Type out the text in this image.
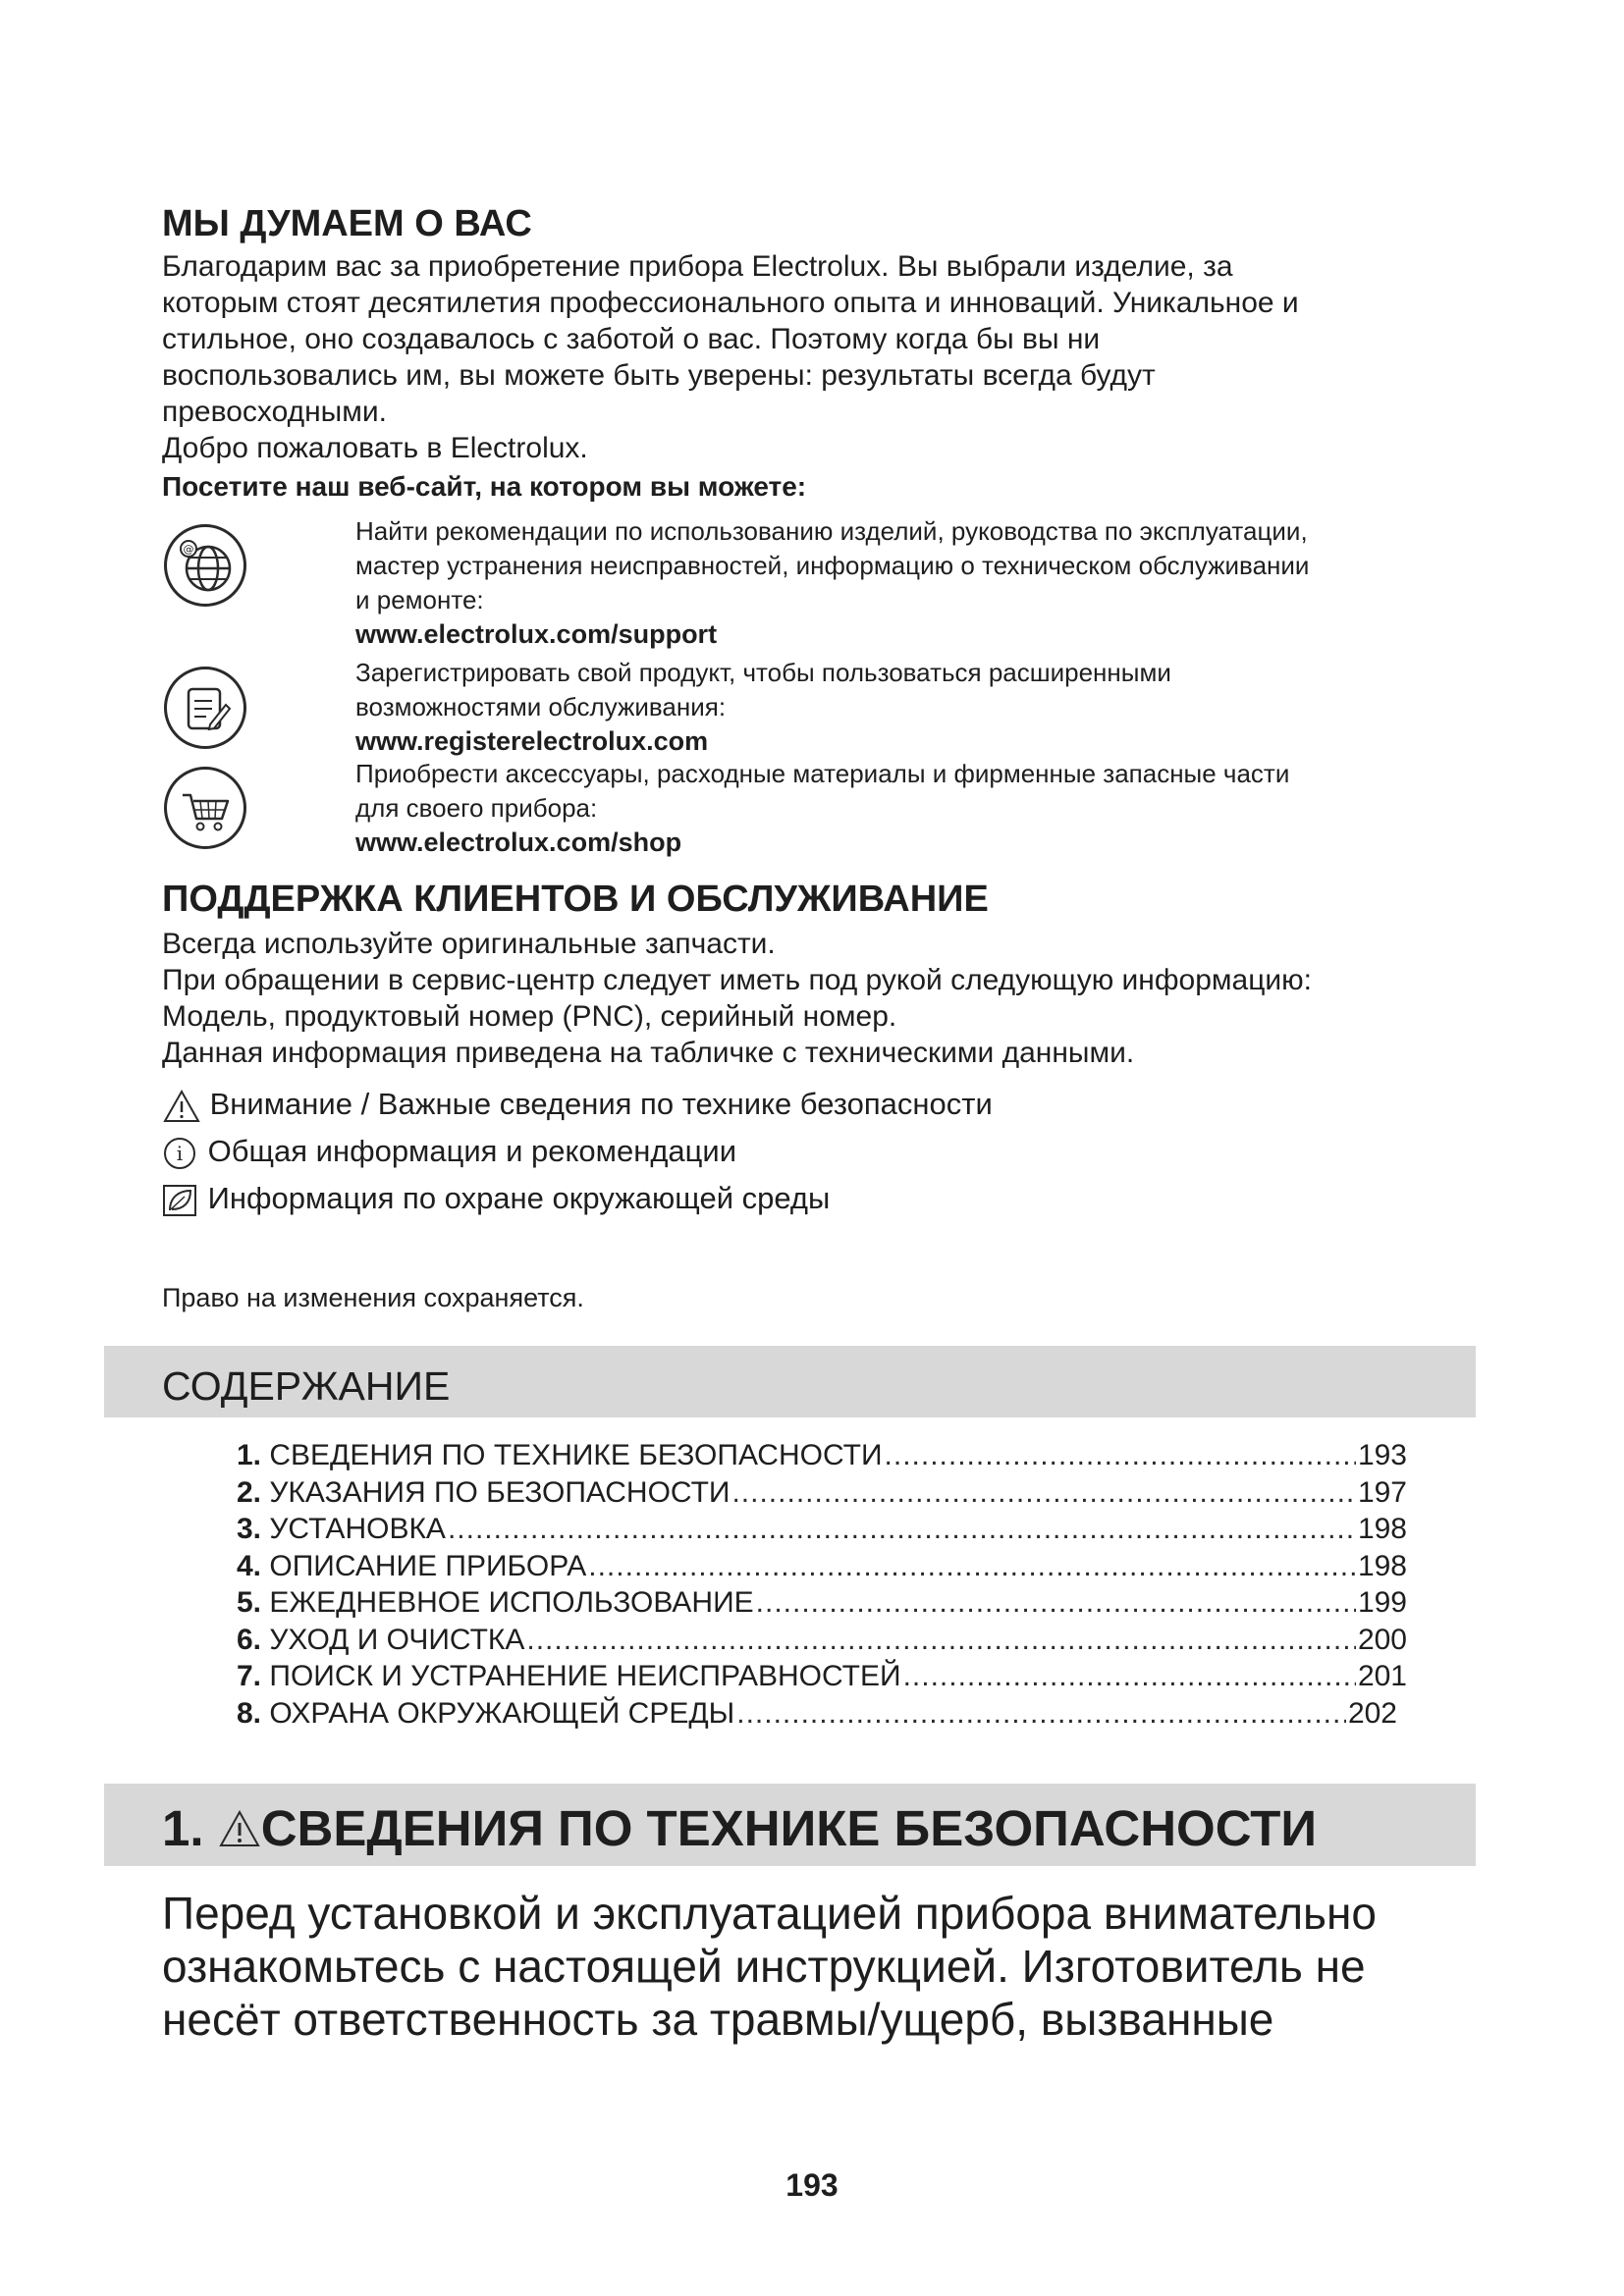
МЫ ДУМАЕМ О ВАС
Благодарим вас за приобретение прибора Electrolux. Вы выбрали изделие, за
которым стоят десятилетия профессионального опыта и инноваций. Уникальное и
стильное, оно создавалось с заботой о вас. Поэтому когда бы вы ни
воспользовались им, вы можете быть уверены: результаты всегда будут
превосходными.
Добро пожаловать в Electrolux.
Посетите наш веб-сайт, на котором вы можете:
@
Найти рекомендации по использованию изделий, руководства по эксплуатации,
мастер устранения неисправностей, информацию о техническом обслуживании
и ремонте:
www.electrolux.com/support
Зарегистрировать свой продукт, чтобы пользоваться расширенными
возможностями обслуживания:
www.registerelectrolux.com
Приобрести аксессуары, расходные материалы и фирменные запасные части
для своего прибора:
www.electrolux.com/shop
ПОДДЕРЖКА КЛИЕНТОВ И ОБСЛУЖИВАНИЕ
Всегда используйте оригинальные запчасти.
При обращении в сервис-центр следует иметь под рукой следующую информацию:
Модель, продуктовый номер (PNC), серийный номер.
Данная информация приведена на табличке с техническими данными.
Внимание / Важные сведения по технике безопасности
i Общая информация и рекомендации
Информация по охране окружающей среды
Право на изменения сохраняется.
СОДЕРЖАНИЕ
1.
СВЕДЕНИЯ ПО ТЕХНИКЕ БЕЗОПАСНОСТИ .....	193
2.
УКАЗАНИЯ ПО БЕЗОПАСНОСТИ .....	197
3.
УСТАНОВКА .....	198
4.
ОПИСАНИЕ ПРИБОРА .....	198
5.
ЕЖЕДНЕВНОЕ ИСПОЛЬЗОВАНИЕ .....	199
6.
УХОД И ОЧИСТКА .....	200
7.
ПОИСК И УСТРАНЕНИЕ НЕИСПРАВНОСТЕЙ .....	201
8.
ОХРАНА ОКРУЖАЮЩЕЙ СРЕДЫ .....	202
1. СВЕДЕНИЯ ПО ТЕХНИКЕ БЕЗОПАСНОСТИ
Перед установкой и эксплуатацией прибора внимательно
ознакомьтесь с настоящей инструкцией. Изготовитель не
несёт ответственность за травмы/ущерб, вызванные
193
